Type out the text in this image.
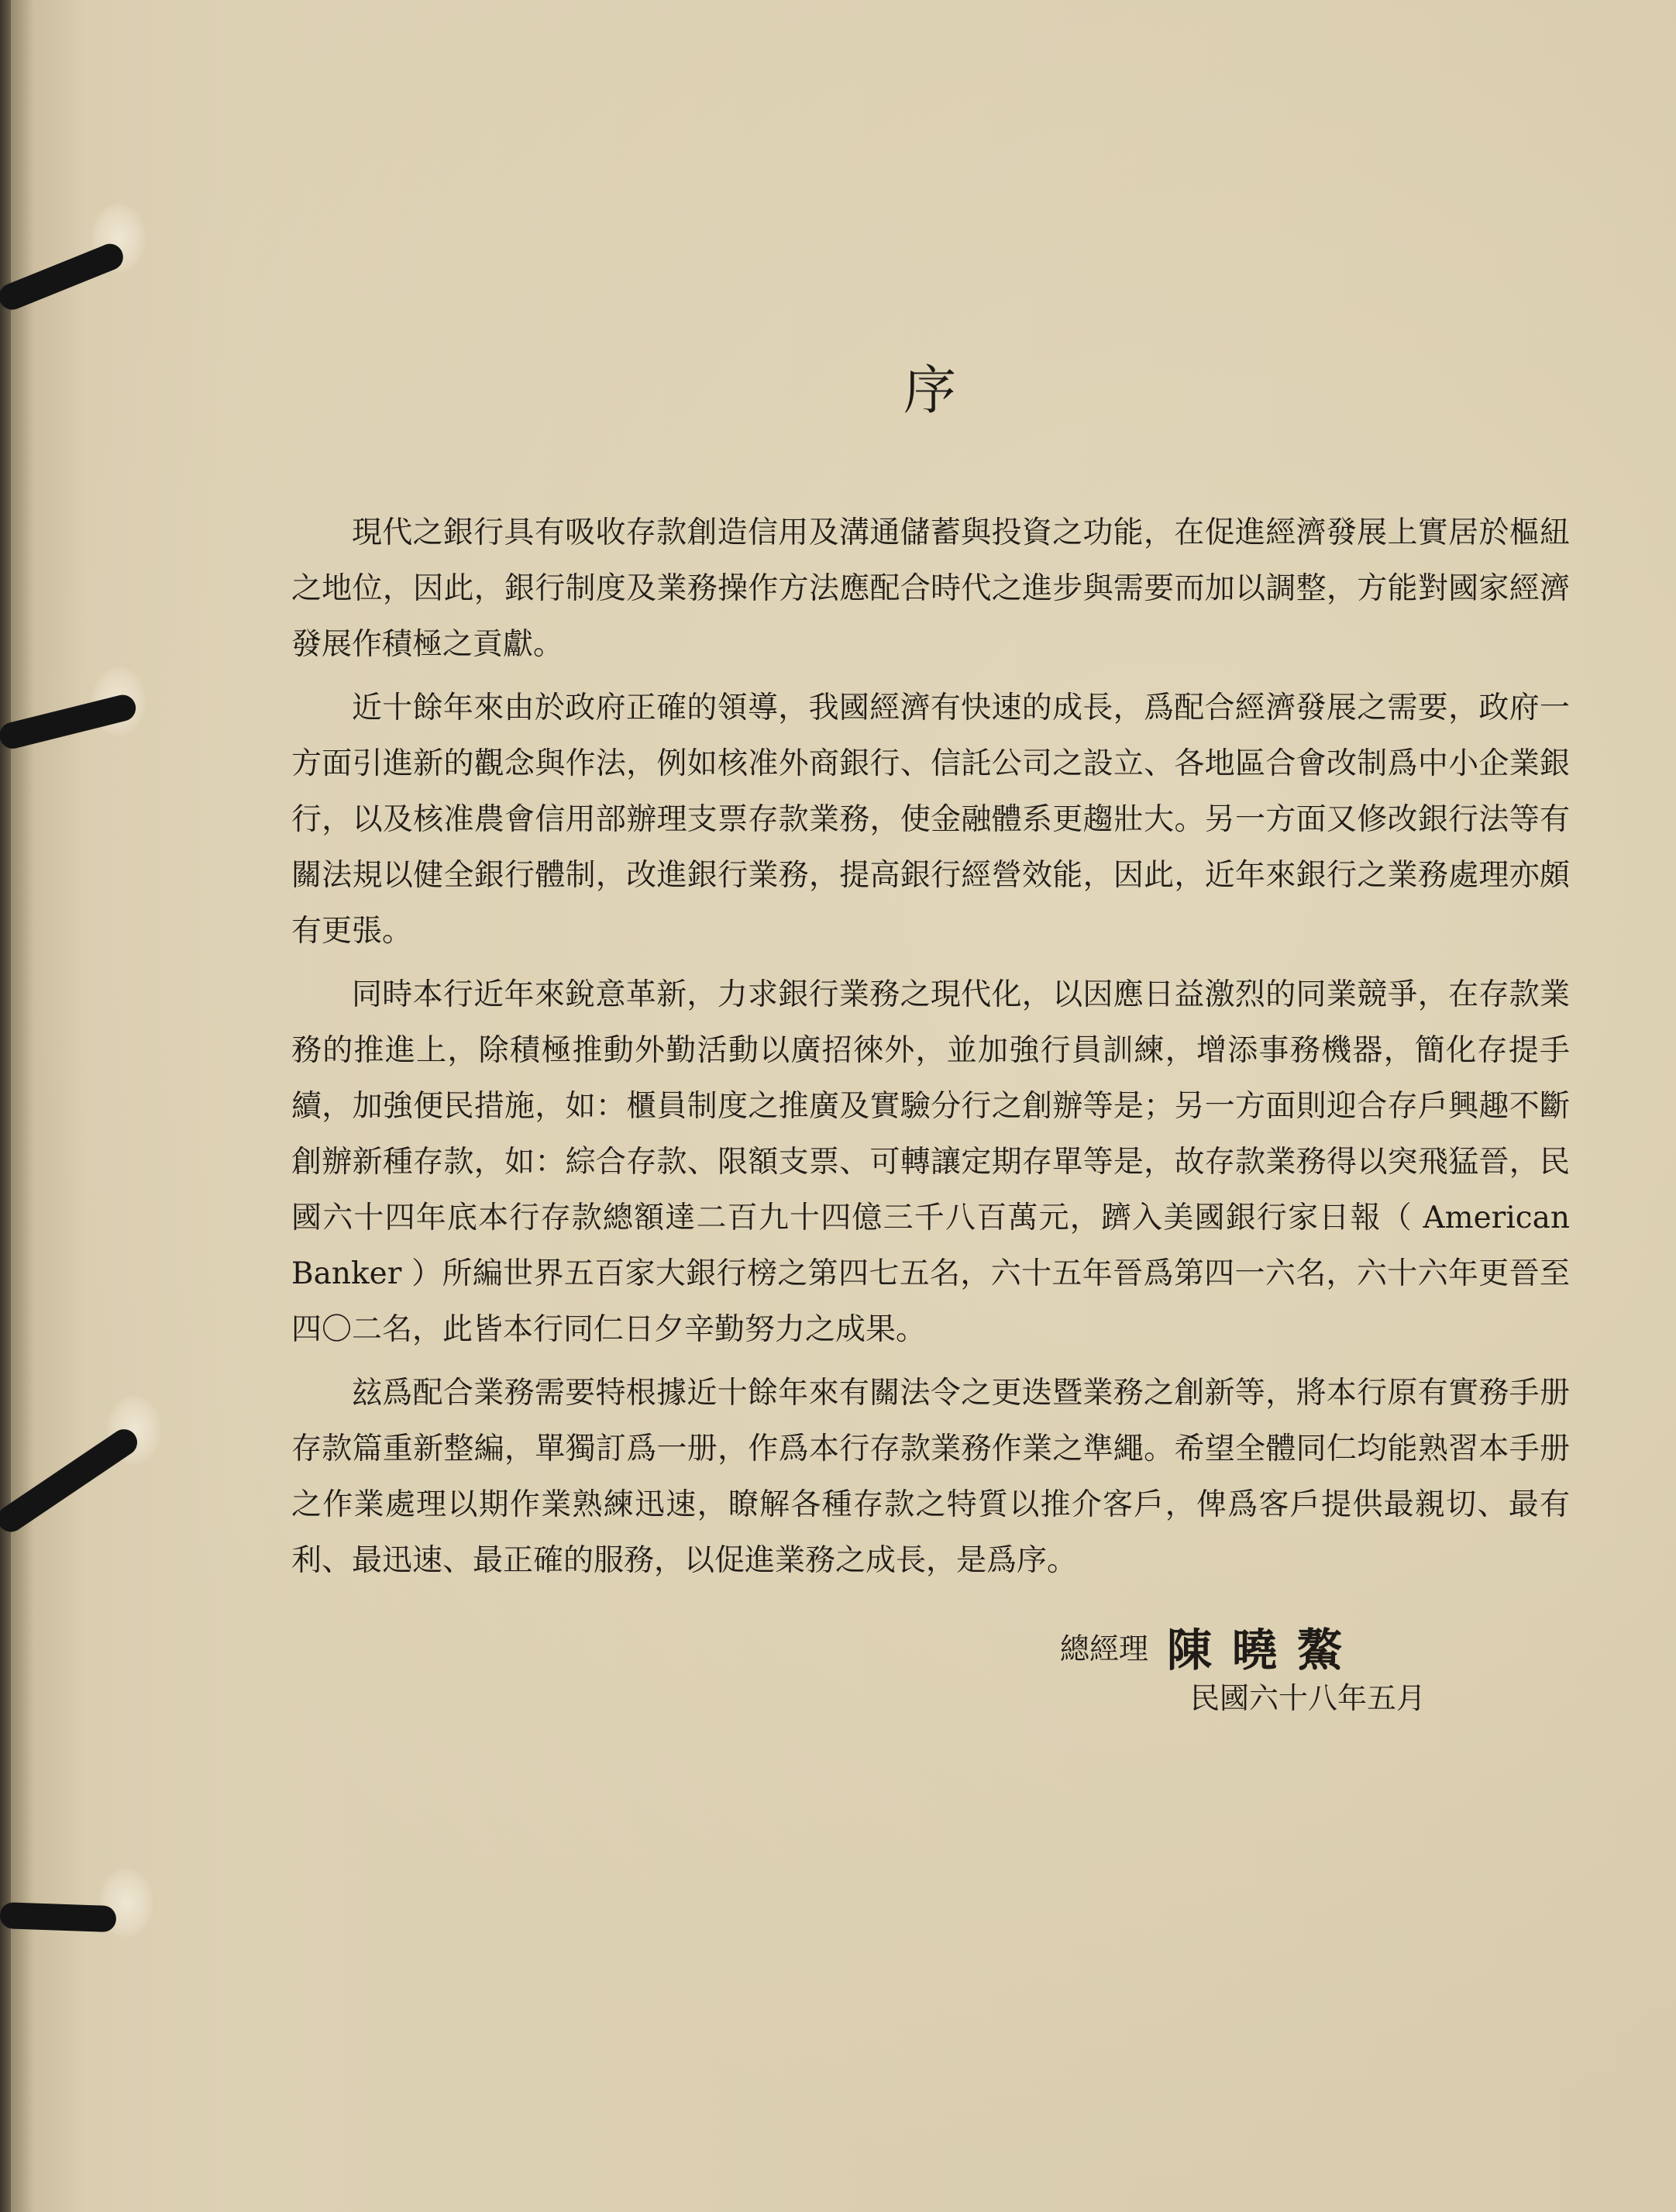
序

現代之銀行具有吸收存款創造信用及溝通儲蓄與投資之功能，在促進經濟發展上實居於樞紐之地位，因此，銀行制度及業務操作方法應配合時代之進步與需要而加以調整，方能對國家經濟發展作積極之貢獻。

近十餘年來由於政府正確的領導，我國經濟有快速的成長，爲配合經濟發展之需要，政府一方面引進新的觀念與作法，例如核准外商銀行、信託公司之設立、各地區合會改制爲中小企業銀行，以及核准農會信用部辦理支票存款業務，使金融體系更趨壯大。另一方面又修改銀行法等有關法規以健全銀行體制，改進銀行業務，提高銀行經營效能，因此，近年來銀行之業務處理亦頗有更張。

同時本行近年來銳意革新，力求銀行業務之現代化，以因應日益激烈的同業競爭，在存款業務的推進上，除積極推動外勤活動以廣招徠外，並加強行員訓練，增添事務機器，簡化存提手續，加強便民措施，如：櫃員制度之推廣及實驗分行之創辦等是；另一方面則迎合存戶興趣不斷創辦新種存款，如：綜合存款、限額支票、可轉讓定期存單等是，故存款業務得以突飛猛晉，民國六十四年底本行存款總額達二百九十四億三千八百萬元，躋入美國銀行家日報（ American Banker ）所編世界五百家大銀行榜之第四七五名，六十五年晉爲第四一六名，六十六年更晉至四〇二名，此皆本行同仁日夕辛勤努力之成果。

玆爲配合業務需要特根據近十餘年來有關法令之更迭暨業務之創新等，將本行原有實務手册存款篇重新整編，單獨訂爲一册，作爲本行存款業務作業之準繩。希望全體同仁均能熟習本手册之作業處理以期作業熟練迅速，瞭解各種存款之特質以推介客戶，俾爲客戶提供最親切、最有利、最迅速、最正確的服務，以促進業務之成長，是爲序。

總經理 陳曉鰲
民國六十八年五月
